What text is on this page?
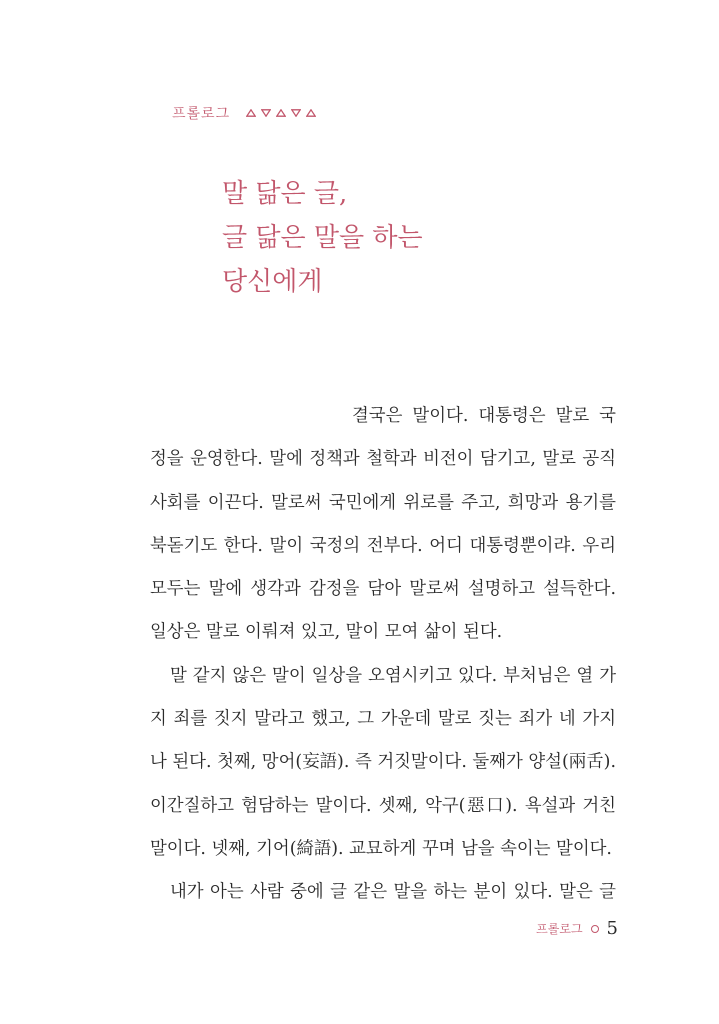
프롤로그
말 닮은 글,
글 닮은 말을 하는
당신에게
결국은 말이다. 대통령은 말로 국
정을 운영한다. 말에 정책과 철학과 비전이 담기고, 말로 공직
사회를 이끈다. 말로써 국민에게 위로를 주고, 희망과 용기를
북돋기도 한다. 말이 국정의 전부다. 어디 대통령뿐이랴. 우리
모두는 말에 생각과 감정을 담아 말로써 설명하고 설득한다.
일상은 말로 이뤄져 있고, 말이 모여 삶이 된다.
말 같지 않은 말이 일상을 오염시키고 있다. 부처님은 열 가
지 죄를 짓지 말라고 했고, 그 가운데 말로 짓는 죄가 네 가지
나 된다. 첫째, 망어(妄語). 즉 거짓말이다. 둘째가 양설(兩舌).
이간질하고 험담하는 말이다. 셋째, 악구(惡口). 욕설과 거친
말이다. 넷째, 기어(綺語). 교묘하게 꾸며 남을 속이는 말이다.
내가 아는 사람 중에 글 같은 말을 하는 분이 있다. 말은 글
프롤로그 5
